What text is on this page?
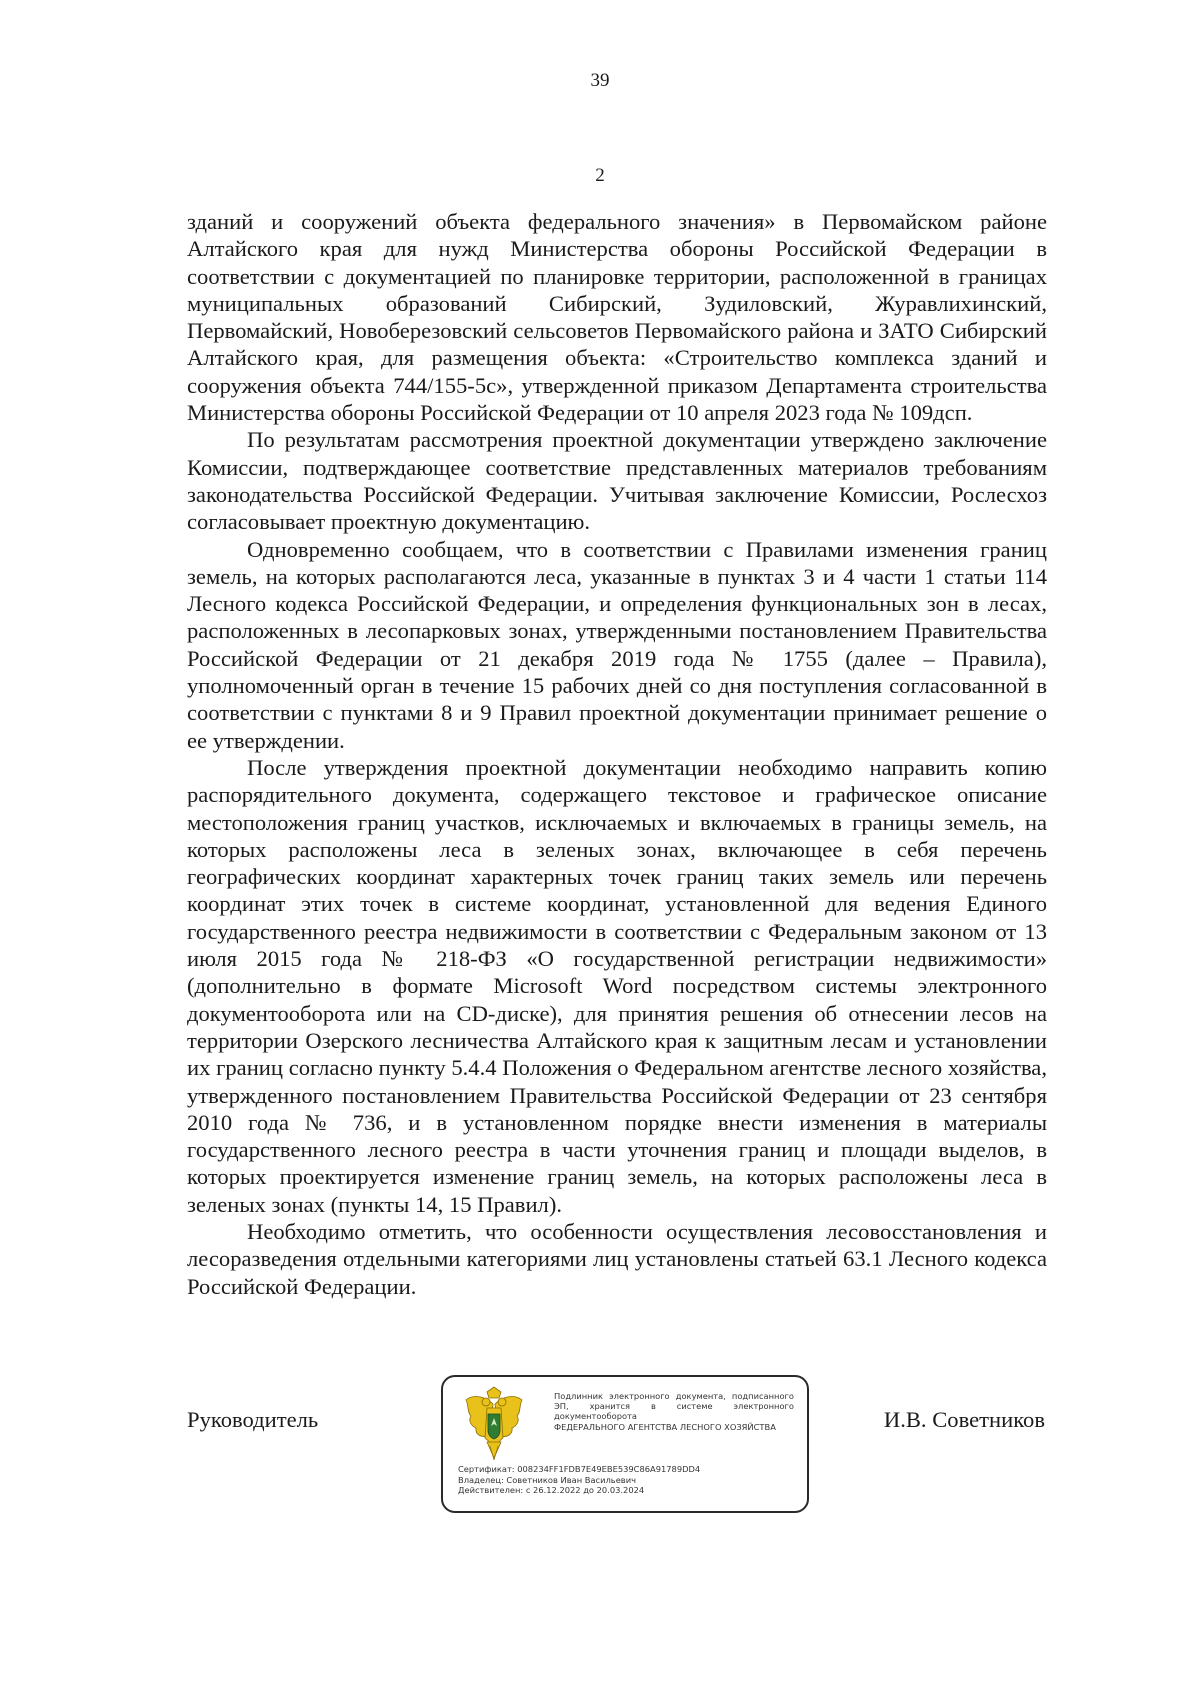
39
2

зданий и сооружений объекта федерального значения» в Первомайском районе Алтайского края для нужд Министерства обороны Российской Федерации в соответствии с документацией по планировке территории, расположенной в границах муниципальных образований Сибирский, Зудиловский, Журавлихинский, Первомайский, Новоберезовский сельсоветов Первомайского района и ЗАТО Сибирский Алтайского края, для размещения объекта: «Строительство комплекса зданий и сооружения объекта 744/155-5с», утвержденной приказом Департамента строительства Министерства обороны Российской Федерации от 10 апреля 2023 года № 109дсп.

По результатам рассмотрения проектной документации утверждено заключение Комиссии, подтверждающее соответствие представленных материалов требованиям законодательства Российской Федерации. Учитывая заключение Комиссии, Рослесхоз согласовывает проектную документацию.

Одновременно сообщаем, что в соответствии с Правилами изменения границ земель, на которых располагаются леса, указанные в пунктах 3 и 4 части 1 статьи 114 Лесного кодекса Российской Федерации, и определения функциональных зон в лесах, расположенных в лесопарковых зонах, утвержденными постановлением Правительства Российской Федерации от 21 декабря 2019 года № 1755 (далее – Правила), уполномоченный орган в течение 15 рабочих дней со дня поступления согласованной в соответствии с пунктами 8 и 9 Правил проектной документации принимает решение о ее утверждении.

После утверждения проектной документации необходимо направить копию распорядительного документа, содержащего текстовое и графическое описание местоположения границ участков, исключаемых и включаемых в границы земель, на которых расположены леса в зеленых зонах, включающее в себя перечень географических координат характерных точек границ таких земель или перечень координат этих точек в системе координат, установленной для ведения Единого государственного реестра недвижимости в соответствии с Федеральным законом от 13 июля 2015 года № 218-ФЗ «О государственной регистрации недвижимости» (дополнительно в формате Microsoft Word посредством системы электронного документооборота или на CD-диске), для принятия решения об отнесении лесов на территории Озерского лесничества Алтайского края к защитным лесам и установлении их границ согласно пункту 5.4.4 Положения о Федеральном агентстве лесного хозяйства, утвержденного постановлением Правительства Российской Федерации от 23 сентября 2010 года № 736, и в установленном порядке внести изменения в материалы государственного лесного реестра в части уточнения границ и площади выделов, в которых проектируется изменение границ земель, на которых расположены леса в зеленых зонах (пункты 14, 15 Правил).

Необходимо отметить, что особенности осуществления лесовосстановления и лесоразведения отдельными категориями лиц установлены статьей 63.1 Лесного кодекса Российской Федерации.

Руководитель	И.В. Советников
Подлинник электронного документа, подписанного ЭП, хранится в системе электронного документооборота
ФЕДЕРАЛЬНОГО АГЕНТСТВА ЛЕСНОГО ХОЗЯЙСТВА
Сертификат: 008234FF1FDB7E49EBE539C86A91789DD4
Владелец: Советников Иван Васильевич
Действителен: с 26.12.2022 до 20.03.2024
